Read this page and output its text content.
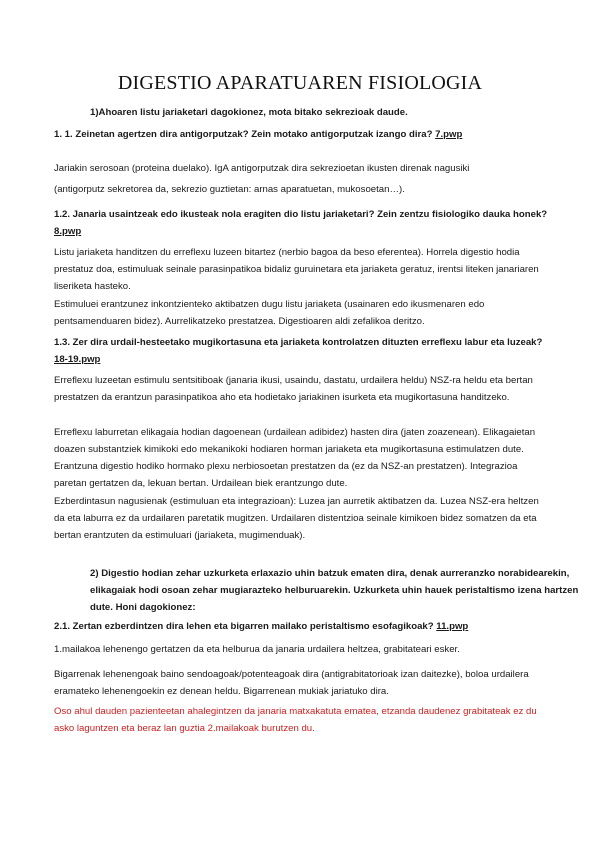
DIGESTIO APARATUAREN FISIOLOGIA

1)Ahoaren listu jariaketari dagokionez, mota bitako sekrezioak daude.

1. 1. Zeinetan agertzen dira antigorputzak? Zein motako antigorputzak izango dira? 7.pwp

Jariakin serosoan (proteina duelako). IgA antigorputzak dira sekrezioetan ikusten direnak nagusiki

(antigorputz sekretorea da, sekrezio guztietan: arnas aparatuetan, mukosoetan…).

1.2. Janaria usaintzeak edo ikusteak nola eragiten dio listu jariaketari? Zein zentzu fisiologiko dauka honek? 8.pwp

Listu jariaketa handitzen du erreflexu luzeen bitartez (nerbio bagoa da beso eferentea). Horrela digestio hodia prestatuz doa, estimuluak seinale parasinpatikoa bidaliz guruinetara eta jariaketa geratuz, irentsi liteken janariaren liseriketa hasteko.

Estimuluei erantzunez inkontzienteko aktibatzen dugu listu jariaketa (usainaren edo ikusmenaren edo pentsamenduaren bidez). Aurrelikatzeko prestatzea. Digestioaren aldi zefalikoa deritzo.

1.3. Zer dira urdail-hesteetako mugikortasuna eta jariaketa kontrolatzen dituzten erreflexu labur eta luzeak? 18-19.pwp

Erreflexu luzeetan estimulu sentsitiboak (janaria ikusi, usaindu, dastatu, urdailera heldu) NSZ-ra heldu eta bertan prestatzen da erantzun parasinpatikoa aho eta hodietako jariakinen isurketa eta mugikortasuna handitzeko.

Erreflexu laburretan elikagaia hodian dagoenean (urdailean adibidez) hasten dira (jaten zoazenean). Elikagaietan doazen substantziek kimikoki edo mekanikoki hodiaren horman jariaketa eta mugikortasuna estimulatzen dute. Erantzuna digestio hodiko hormako plexu nerbiosoetan prestatzen da (ez da NSZ-an prestatzen). Integrazioa paretan gertatzen da, lekuan bertan. Urdailean biek erantzungo dute.

Ezberdintasun nagusienak (estimuluan eta integrazioan): Luzea jan aurretik aktibatzen da. Luzea NSZ-era heltzen da eta laburra ez da urdailaren paretatik mugitzen. Urdailaren distentzioa seinale kimikoen bidez somatzen da eta bertan erantzuten da estimuluari (jariaketa, mugimenduak).

2) Digestio hodian zehar uzkurketa erlaxazio uhin batzuk ematen dira, denak aurreranzko norabidearekin, elikagaiak hodi osoan zehar mugiarazteko helburuarekin. Uzkurketa uhin hauek peristaltismo izena hartzen dute. Honi dagokionez:

2.1. Zertan ezberdintzen dira lehen eta bigarren mailako peristaltismo esofagikoak? 11.pwp

1.mailakoa lehenengo gertatzen da eta helburua da janaria urdailera heltzea, grabitateari esker.

Bigarrenak lehenengoak baino sendoagoak/potenteagoak dira (antigrabitatorioak izan daitezke), boloa urdailera eramateko lehenengoekin ez denean heldu. Bigarrenean mukiak jariatuko dira.

Oso ahul dauden pazienteetan ahalegintzen da janaria matxakatuta ematea, etzanda daudenez grabitateak ez du asko laguntzen eta beraz lan guztia 2.mailakoak burutzen du.
